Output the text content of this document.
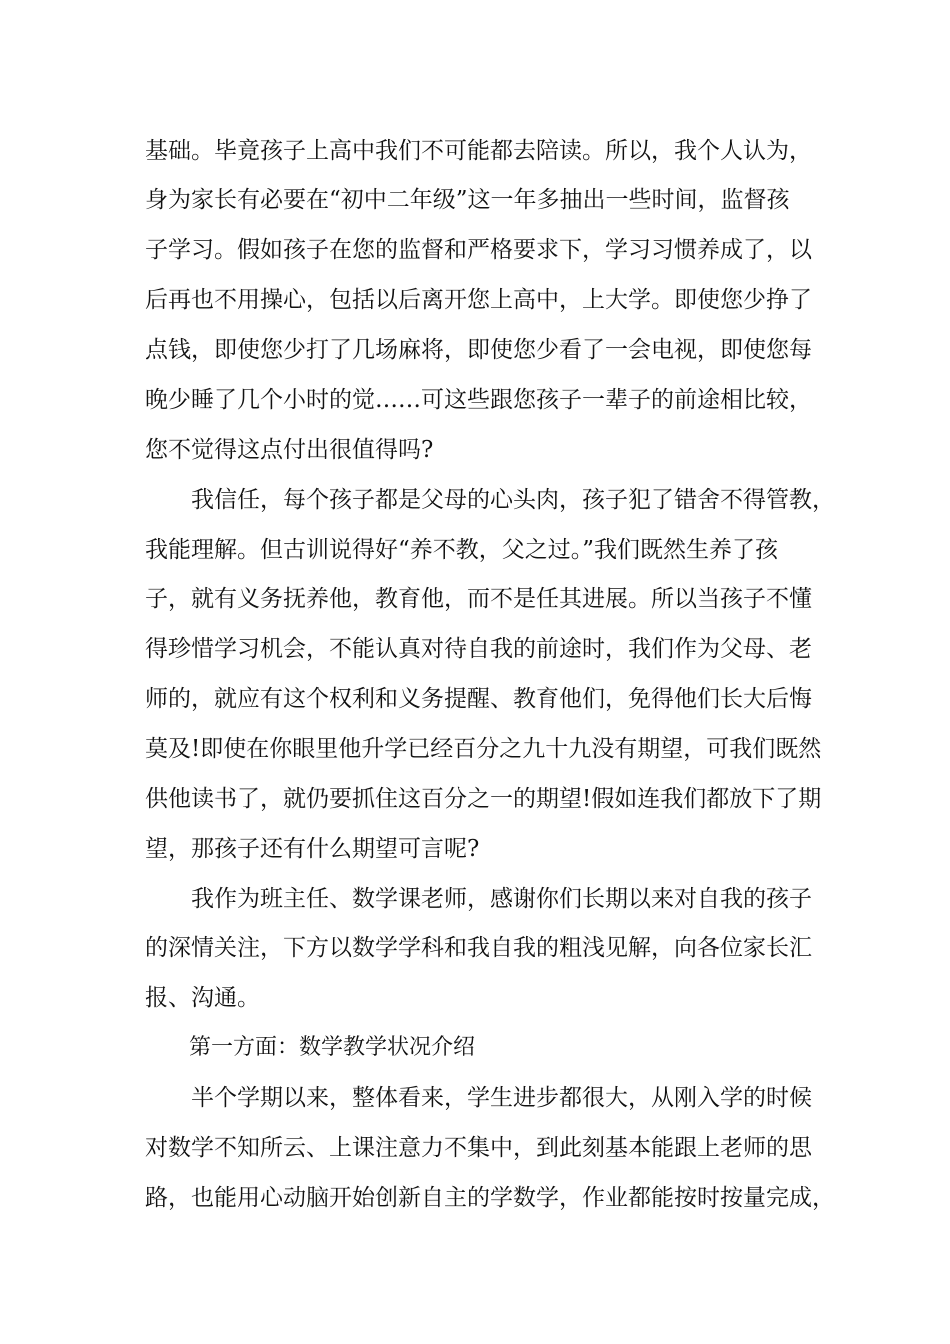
基础。毕竟孩子上高中我们不可能都去陪读。所以，我个人认为，
身为家长有必要在“初中二年级”这一年多抽出一些时间，监督孩
子学习。假如孩子在您的监督和严格要求下，学习习惯养成了，以
后再也不用操心，包括以后离开您上高中，上大学。即使您少挣了
点钱，即使您少打了几场麻将，即使您少看了一会电视，即使您每
晚少睡了几个小时的觉……可这些跟您孩子一辈子的前途相比较，
您不觉得这点付出很值得吗?
　　我信任，每个孩子都是父母的心头肉，孩子犯了错舍不得管教，
我能理解。但古训说得好“养不教，父之过。”我们既然生养了孩
子，就有义务抚养他，教育他，而不是任其进展。所以当孩子不懂
得珍惜学习机会，不能认真对待自我的前途时，我们作为父母、老
师的，就应有这个权利和义务提醒、教育他们，免得他们长大后悔
莫及!即使在你眼里他升学已经百分之九十九没有期望，可我们既然
供他读书了，就仍要抓住这百分之一的期望!假如连我们都放下了期
望，那孩子还有什么期望可言呢?
　　我作为班主任、数学课老师，感谢你们长期以来对自我的孩子
的深情关注，下方以数学学科和我自我的粗浅见解，向各位家长汇
报、沟通。
　　第一方面：数学教学状况介绍
　　半个学期以来，整体看来，学生进步都很大，从刚入学的时候
对数学不知所云、上课注意力不集中，到此刻基本能跟上老师的思
路，也能用心动脑开始创新自主的学数学，作业都能按时按量完成，
